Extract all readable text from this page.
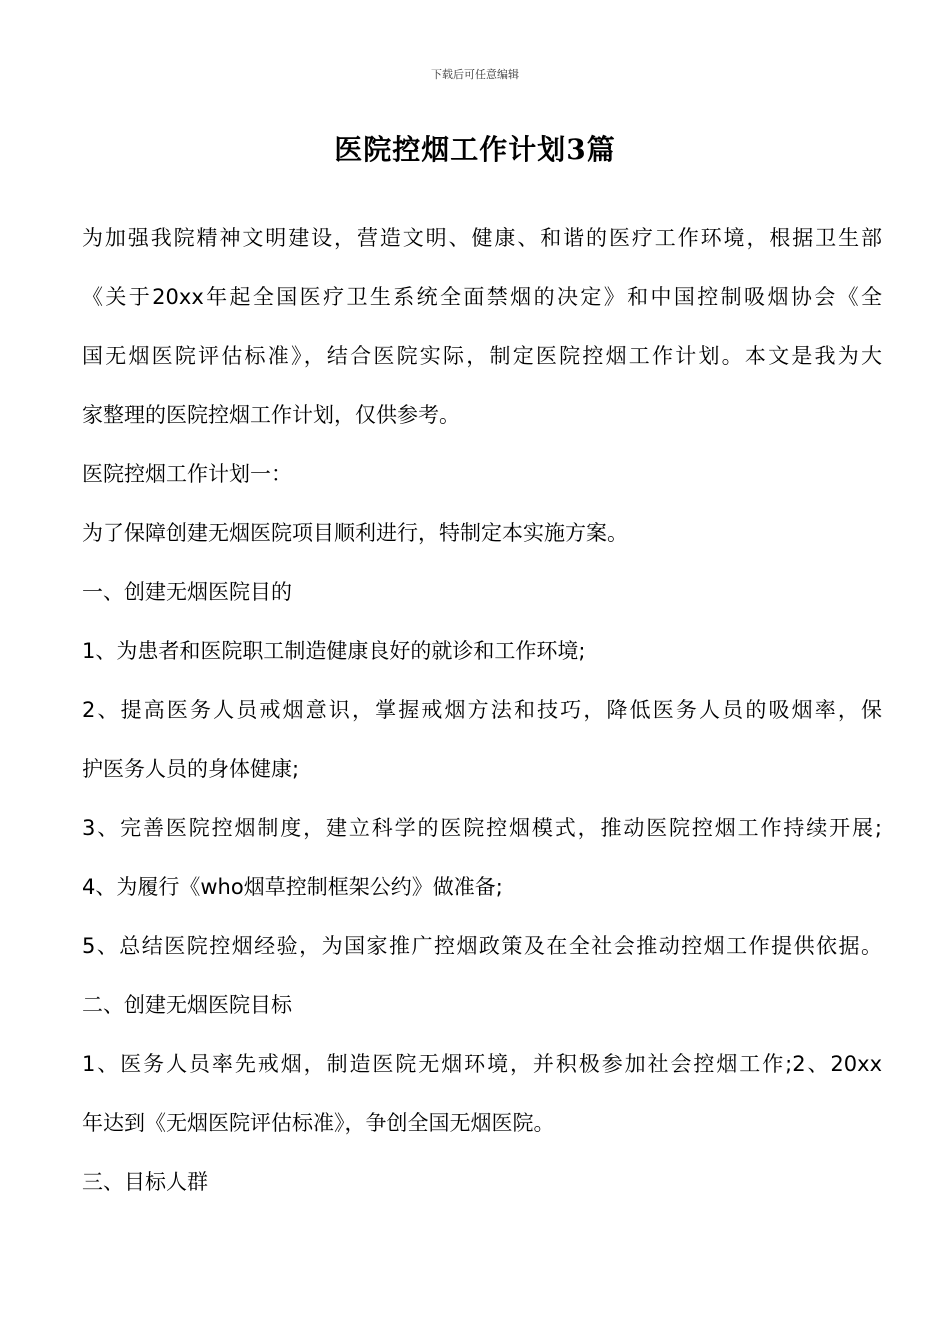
下载后可任意编辑
医院控烟工作计划3篇
为加强我院精神文明建设，营造文明、健康、和谐的医疗工作环境，根据卫生部
《关于20xx年起全国医疗卫生系统全面禁烟的决定》和中国控制吸烟协会《全
国无烟医院评估标准》，结合医院实际，制定医院控烟工作计划。本文是我为大
家整理的医院控烟工作计划，仅供参考。
医院控烟工作计划一：
为了保障创建无烟医院项目顺利进行，特制定本实施方案。
一、创建无烟医院目的
1、为患者和医院职工制造健康良好的就诊和工作环境;
2、提高医务人员戒烟意识，掌握戒烟方法和技巧，降低医务人员的吸烟率，保
护医务人员的身体健康;
3、完善医院控烟制度，建立科学的医院控烟模式，推动医院控烟工作持续开展;
4、为履行《who烟草控制框架公约》做准备;
5、总结医院控烟经验，为国家推广控烟政策及在全社会推动控烟工作提供依据。
二、创建无烟医院目标
1、医务人员率先戒烟，制造医院无烟环境，并积极参加社会控烟工作;2、20xx
年达到《无烟医院评估标准》，争创全国无烟医院。
三、目标人群
